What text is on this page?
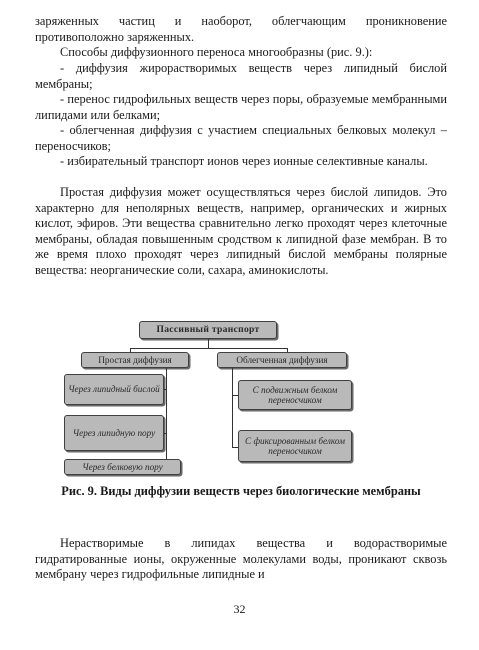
заряженных частиц и наоборот, облегчающим проникновение противоположно заряженных.

Способы диффузионного переноса многообразны (рис. 9.):

- диффузия жирорастворимых веществ через липидный бислой мембраны;

- перенос гидрофильных веществ через поры, образуемые мембранными липидами или белками;

- облегченная диффузия с участием специальных белковых молекул – переносчиков;

- избирательный транспорт ионов через ионные селективные каналы.

Простая диффузия может осуществляться через бислой липидов. Это характерно для неполярных веществ, например, органических и жирных кислот, эфиров. Эти вещества сравнительно легко проходят через клеточные мембраны, обладая повышенным сродством к липидной фазе мембран. В то же время плохо проходят через липидный бислой мембраны полярные вещества: неорганические соли, сахара, аминокислоты.

Пассивный транспорт
Простая диффузия	Облегченная диффузия
Через липидный бислой
Через липидную пору
Через белковую пору
С подвижным белком переносчиком
С фиксированным белком переносчиком
Рис. 9. Виды диффузии веществ через биологические мембраны

Нерастворимые в липидах вещества и водорастворимые гидратированные ионы, окруженные молекулами воды, проникают сквозь мембрану через гидрофильные липидные и

32
